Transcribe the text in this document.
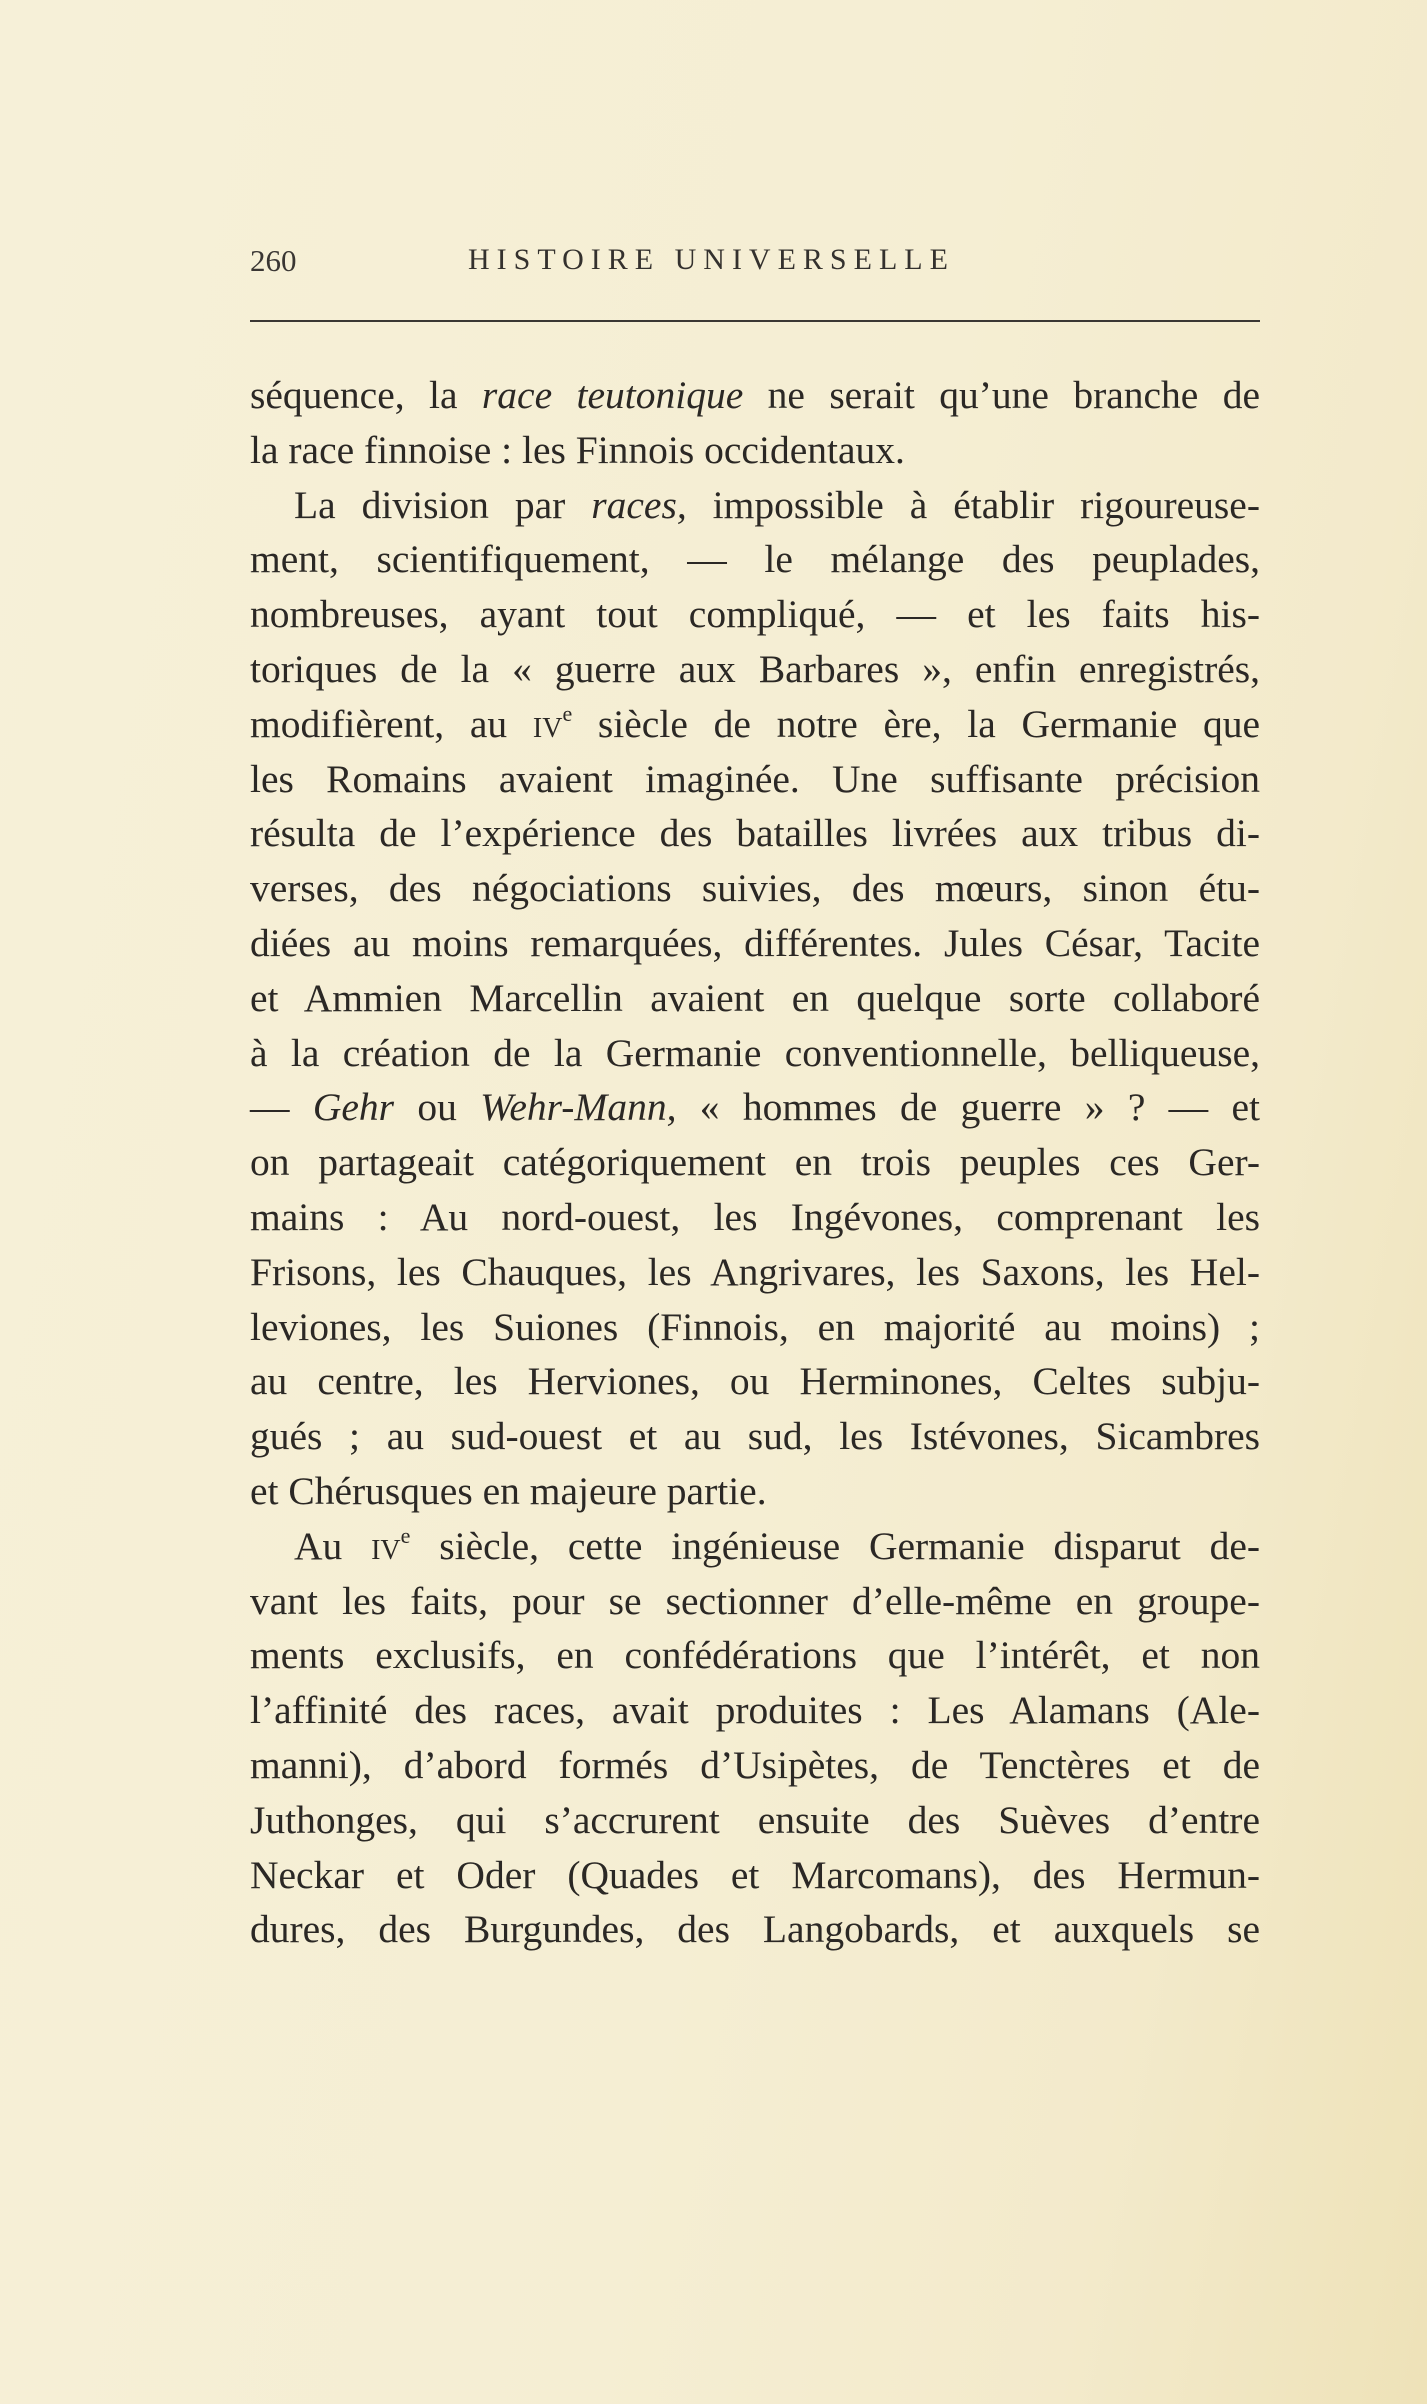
260	HISTOIRE UNIVERSELLE
séquence, la race teutonique ne serait qu’une branche de
la race finnoise : les Finnois occidentaux.
La division par races, impossible à établir rigoureuse-
ment, scientifiquement, — le mélange des peuplades,
nombreuses, ayant tout compliqué, — et les faits his-
toriques de la « guerre aux Barbares », enfin enregistrés,
modifièrent, au $iv^e$ siècle de notre ère, la Germanie que
les Romains avaient imaginée. Une suffisante précision
résulta de l’expérience des batailles livrées aux tribus di-
verses, des négociations suivies, des mœurs, sinon étu-
diées au moins remarquées, différentes. Jules César, Tacite
et Ammien Marcellin avaient en quelque sorte collaboré
à la création de la Germanie conventionnelle, belliqueuse,
— Gehr ou Wehr-Mann, « hommes de guerre » ? — et
on partageait catégoriquement en trois peuples ces Ger-
mains : Au nord-ouest, les Ingévones, comprenant les
Frisons, les Chauques, les Angrivares, les Saxons, les Hel-
leviones, les Suiones (Finnois, en majorité au moins) ;
au centre, les Herviones, ou Herminones, Celtes subju-
gués ; au sud-ouest et au sud, les Istévones, Sicambres
et Chérusques en majeure partie.
Au $iv^e$ siècle, cette ingénieuse Germanie disparut de-
vant les faits, pour se sectionner d’elle-même en groupe-
ments exclusifs, en confédérations que l’intérêt, et non
l’affinité des races, avait produites : Les Alamans (Ale-
manni), d’abord formés d’Usipètes, de Tenctères et de
Juthonges, qui s’accrurent ensuite des Suèves d’entre
Neckar et Oder (Quades et Marcomans), des Hermun-
dures, des Burgundes, des Langobards, et auxquels se
